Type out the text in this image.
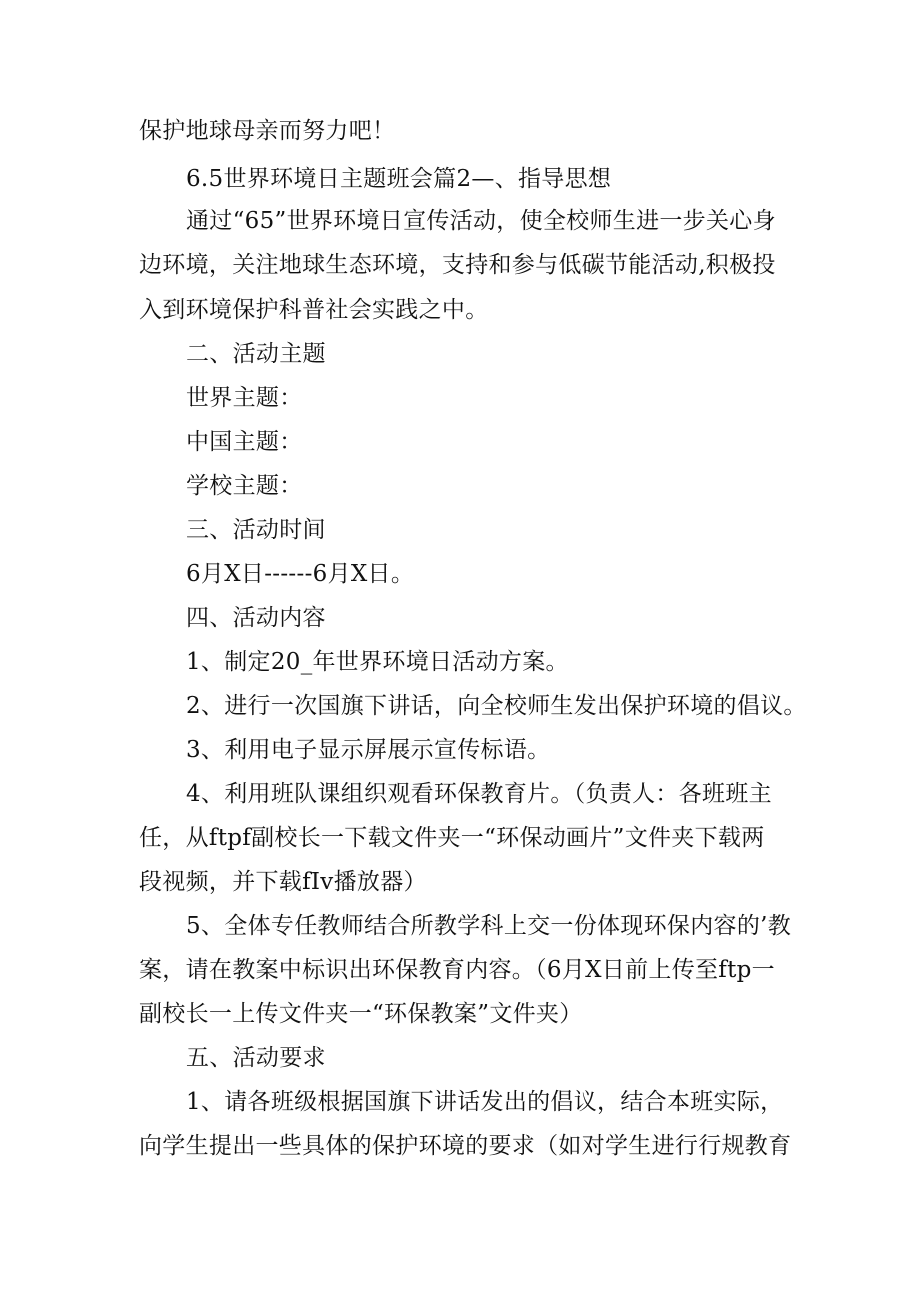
保护地球母亲而努力吧！
6.5世界环境日主题班会篇2—、指导思想
通过“65”世界环境日宣传活动，使全校师生进一步关心身
边环境，关注地球生态环境，支持和参与低碳节能活动,积极投
入到环境保护科普社会实践之中。
二、活动主题
世界主题：
中国主题：
学校主题：
三、活动时间
6月X日------6月X日。
四、活动内容
1、制定20_年世界环境日活动方案。
2、进行一次国旗下讲话，向全校师生发出保护环境的倡议。
3、利用电子显示屏展示宣传标语。
4、利用班队课组织观看环保教育片。（负责人：各班班主
任，从ftpf副校长一下载文件夹一“环保动画片”文件夹下载两
段视频，并下载fIv播放器）
5、全体专任教师结合所教学科上交一份体现环保内容的’教
案，请在教案中标识出环保教育内容。（6月X日前上传至ftp一
副校长一上传文件夹一“环保教案”文件夹）
五、活动要求
1、请各班级根据国旗下讲话发出的倡议，结合本班实际，
向学生提出一些具体的保护环境的要求（如对学生进行行规教育
